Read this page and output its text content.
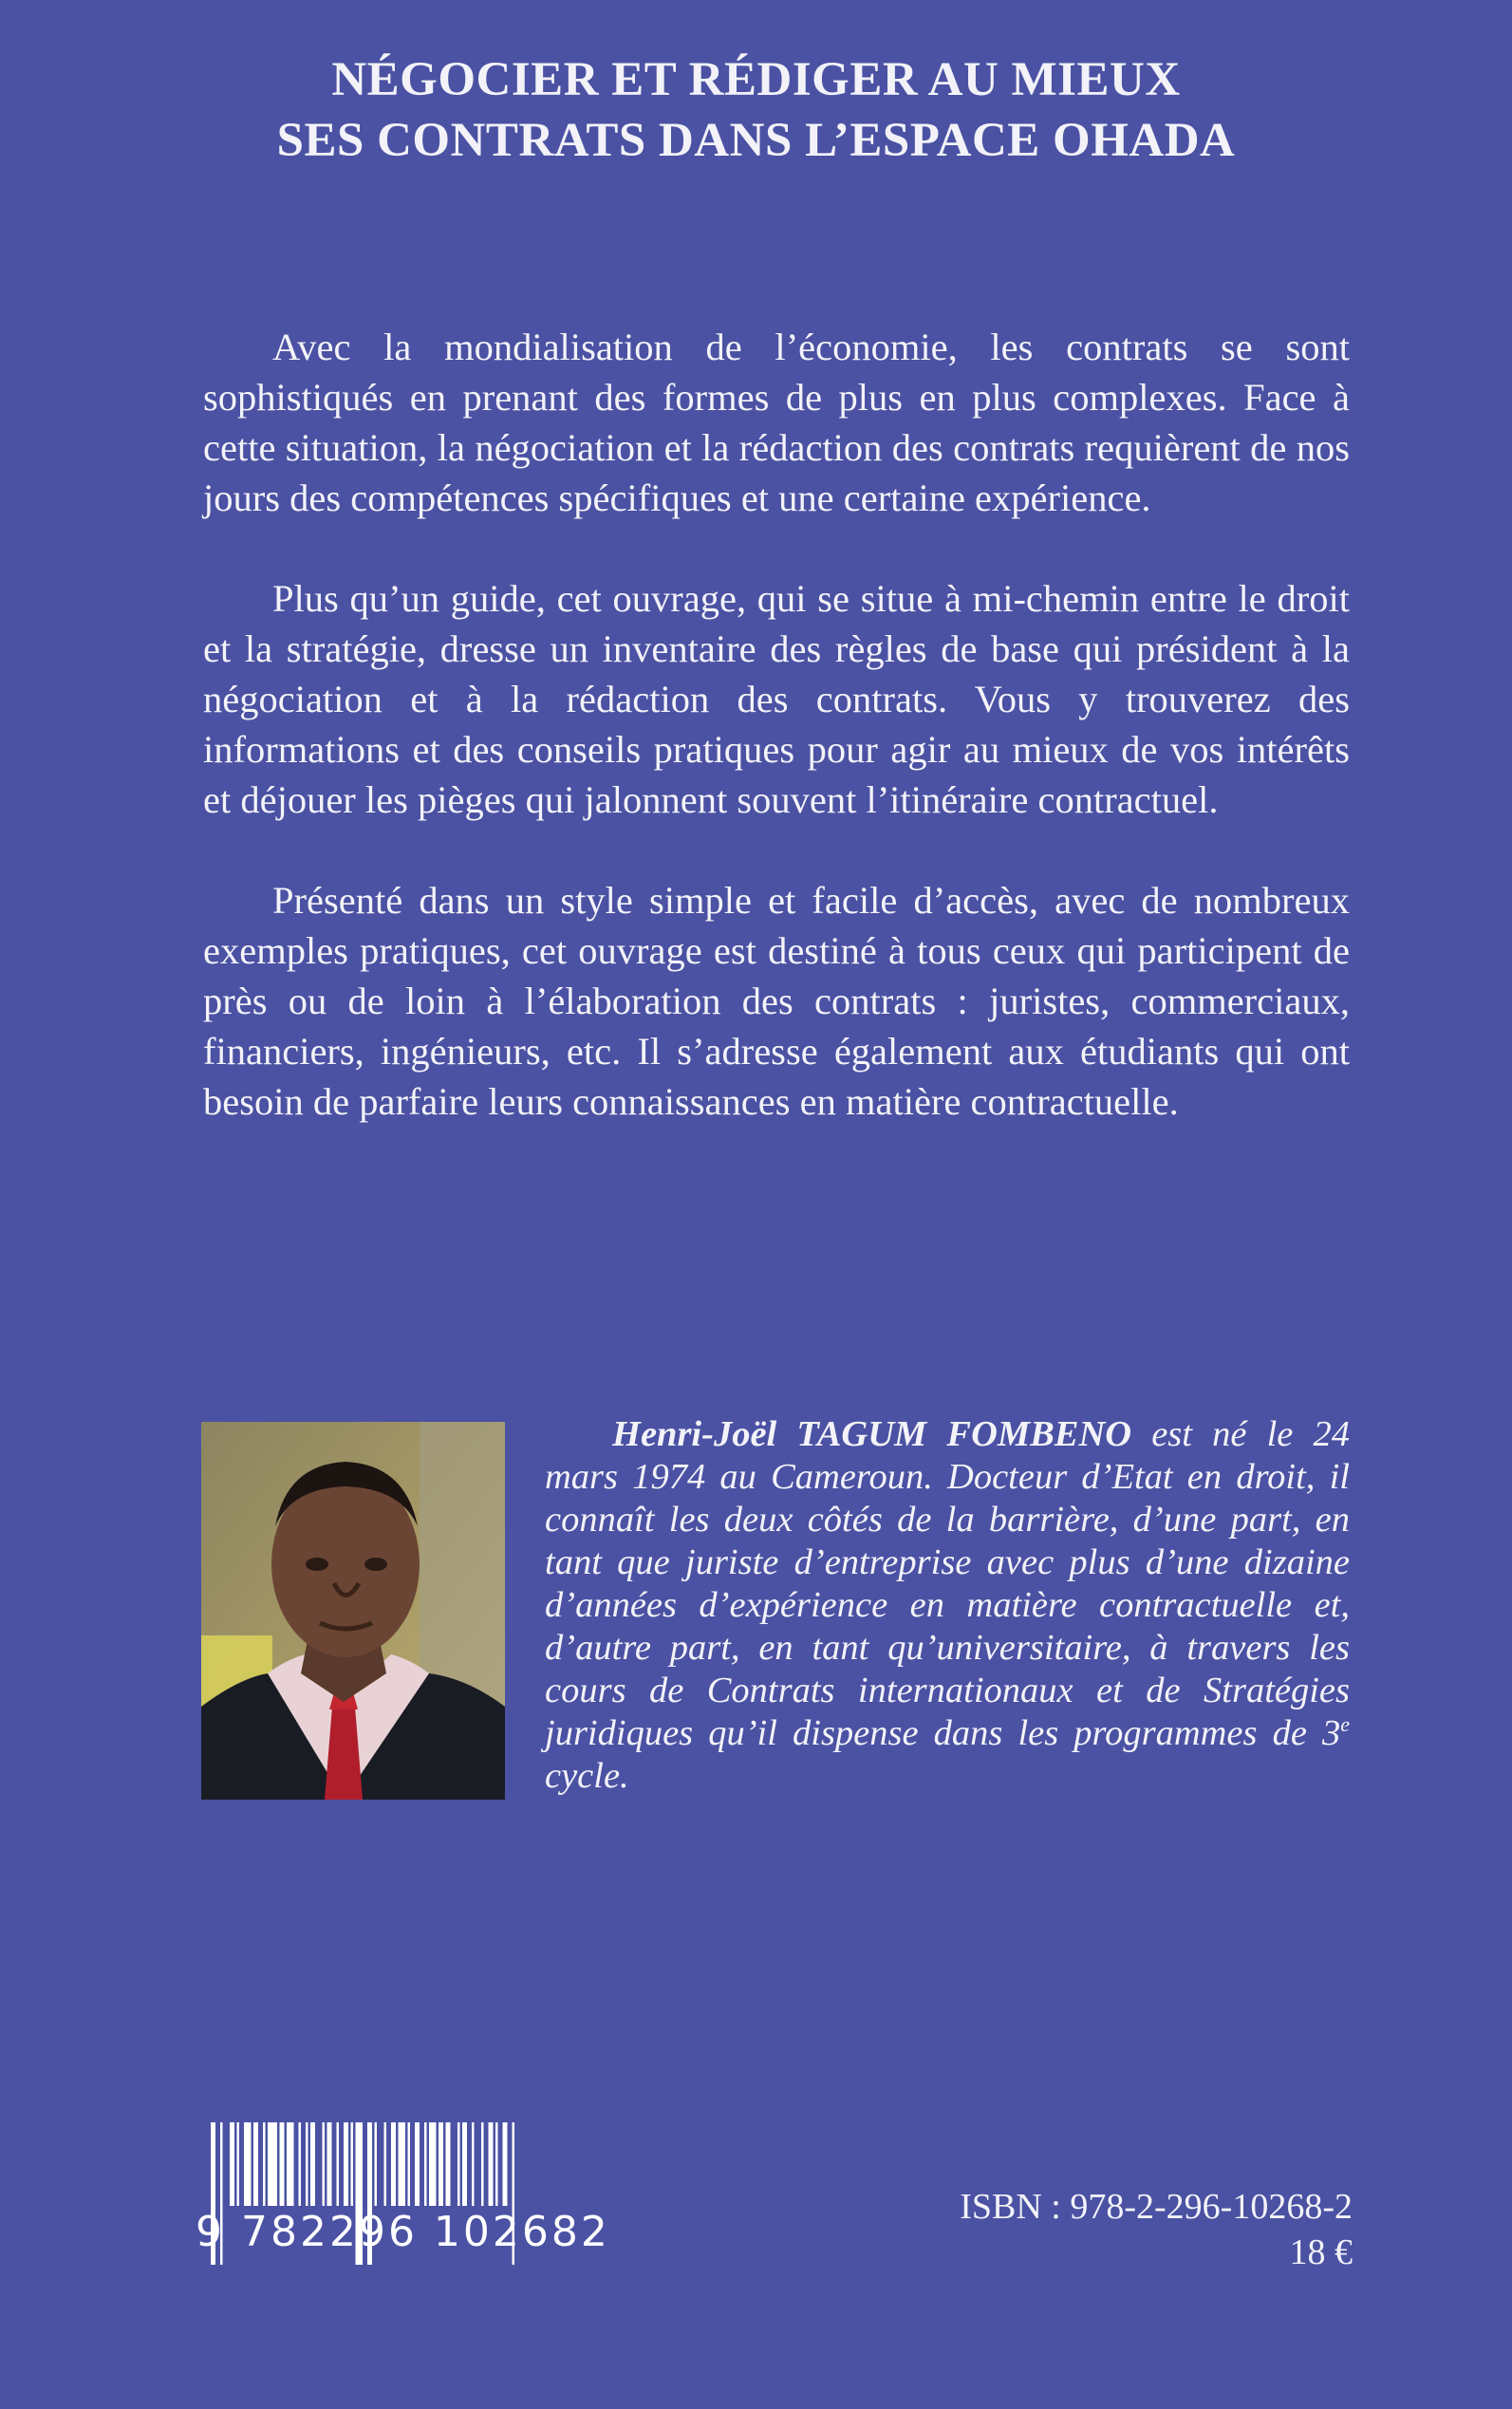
NÉGOCIER ET RÉDIGER AU MIEUX
SES CONTRATS DANS L’ESPACE OHADA

Avec la mondialisation de l’économie, les contrats se sont sophistiqués en prenant des formes de plus en plus complexes. Face à cette situation, la négociation et la rédaction des contrats requièrent de nos jours des compétences spécifiques et une certaine expérience.

Plus qu’un guide, cet ouvrage, qui se situe à mi-chemin entre le droit et la stratégie, dresse un inventaire des règles de base qui président à la négociation et à la rédaction des contrats. Vous y trouverez des informations et des conseils pratiques pour agir au mieux de vos intérêts et déjouer les pièges qui jalonnent souvent l’itinéraire contractuel.

Présenté dans un style simple et facile d’accès, avec de nombreux exemples pratiques, cet ouvrage est destiné à tous ceux qui participent de près ou de loin à l’élaboration des contrats : juristes, commerciaux, financiers, ingénieurs, etc. Il s’adresse également aux étudiants qui ont besoin de parfaire leurs connaissances en matière contractuelle.

Henri-Joël TAGUM FOMBENO est né le 24 mars 1974 au Cameroun. Docteur d’Etat en droit, il connaît les deux côtés de la barrière, d’une part, en tant que juriste d’entreprise avec plus d’une dizaine d’années d’expérience en matière contractuelle et, d’autre part, en tant qu’universitaire, à travers les cours de Contrats internationaux et de Stratégies juridiques qu’il dispense dans les programmes de 3e cycle.
9 782296 102682
ISBN : 978-2-296-10268-2
18 €
